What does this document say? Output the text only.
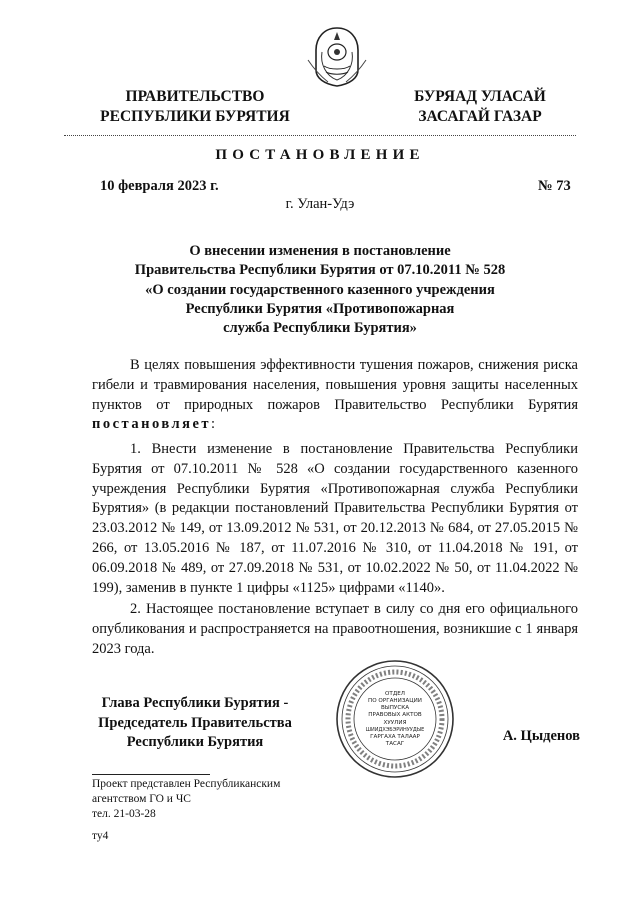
ПРАВИТЕЛЬСТВО
РЕСПУБЛИКИ БУРЯТИЯ
БУРЯАД УЛАСАЙ
ЗАСАГАЙ ГАЗАР
ПОСТАНОВЛЕНИЕ
10 февраля 2023 г.	№ 73
г. Улан-Удэ
О внесении изменения в постановление
Правительства Республики Бурятия от 07.10.2011 № 528
«О создании государственного казенного учреждения
Республики Бурятия «Противопожарная
служба Республики Бурятия»
В целях повышения эффективности тушения пожаров, снижения риска гибели и травмирования населения, повышения уровня защиты населенных пунктов от природных пожаров Правительство Республики Бурятия постановляет:
1. Внести изменение в постановление Правительства Республики Бурятия от 07.10.2011 № 528 «О создании государственного казенного учреждения Республики Бурятия «Противопожарная служба Республики Бурятия» (в редакции постановлений Правительства Республики Бурятия от 23.03.2012 № 149, от 13.09.2012 № 531, от 20.12.2013 № 684, от 27.05.2015 № 266, от 13.05.2016 № 187, от 11.07.2016 № 310, от 11.04.2018 № 191, от 06.09.2018 № 489, от 27.09.2018 № 531, от 10.02.2022 № 50, от 11.04.2022 № 199), заменив в пункте 1 цифры «1125» цифрами «1140».
2. Настоящее постановление вступает в силу со дня его официального опубликования и распространяется на правоотношения, возникшие с 1 января 2023 года.
Глава Республики Бурятия -
Председатель Правительства
Республики Бурятия	А. Цыденов
ОТДЕЛ
ПО ОРГАНИЗАЦИИ
ВЫПУСКА
ПРАВОВЫХ АКТОВ
ХУУЛИЯ
ШИИДХЭБЭРИНУУДЫЕ
ГАРГАХА ТАЛААР
ТАСАГ
Проект представлен Республиканским
агентством ГО и ЧС
тел. 21-03-28
ту4
